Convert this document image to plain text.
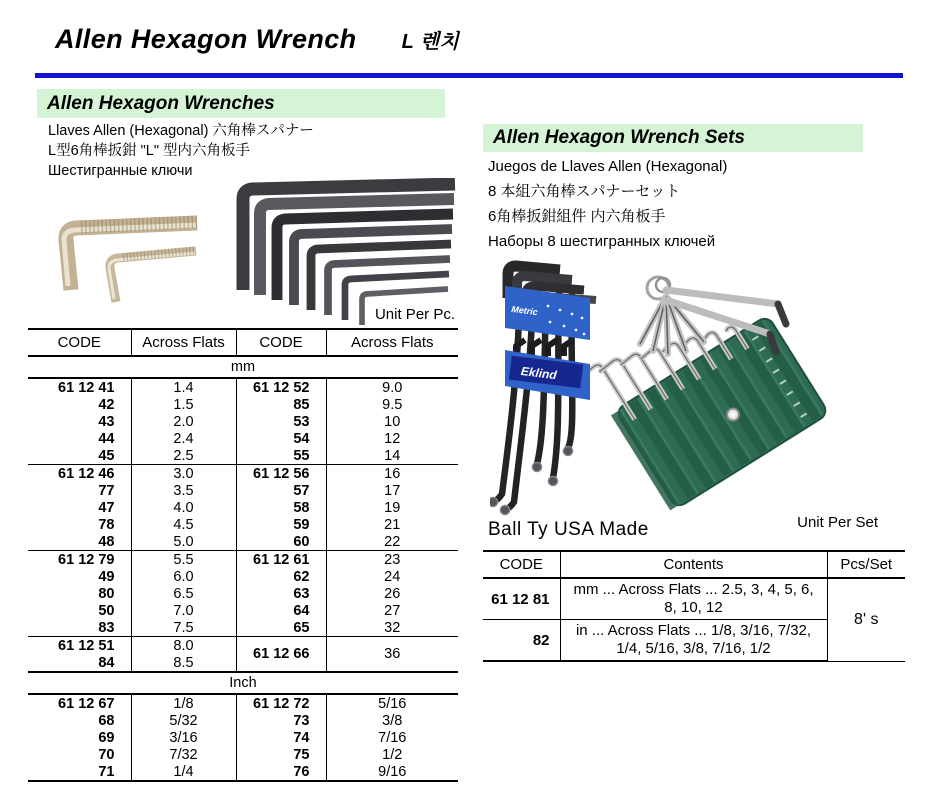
Allen Hexagon Wrench L 렌치
Allen Hexagon Wrenches
Llaves Allen (Hexagonal) 六角棒スパナー
L型6角棒扳鉗 "L" 型内六角板手
Шестигранные ключи
Unit Per Pc.
CODE	Across Flats	CODE	Across Flats
mm			
61 12 41	1.4	61 12 52	9.0
42	1.5	85	9.5
43	2.0	53	10
44	2.4	54	12
45	2.5	55	14
61 12 46	3.0	61 12 56	16
77	3.5	57	17
47	4.0	58	19
78	4.5	59	21
48	5.0	60	22
61 12 79	5.5	61 12 61	23
49	6.0	62	24
80	6.5	63	26
50	7.0	64	27
83	7.5	65	32
61 12 51	8.0	61 12 66	36
84	8.5		
Inch			
61 12 67	1/8	61 12 72	5/16
68	5/32	73	3/8
69	3/16	74	7/16
70	7/32	75	1/2
71	1/4	76	9/16
Allen Hexagon Wrench Sets
Juegos de Llaves Allen (Hexagonal)
8 本組六角棒スパナーセット
6角棒扳鉗組件 内六角板手
Наборы 8 шестигранных ключей
Metric
Eklind
Ball Ty USA Made	Unit Per Set
CODE	Contents	Pcs/Set
61 12 81	mm ... Across Flats ... 2.5, 3, 4, 5, 6, 8, 10, 12	8' s
82	in ... Across Flats ... 1/8, 3/16, 7/32, 1/4, 5/16, 3/8, 7/16, 1/2	
